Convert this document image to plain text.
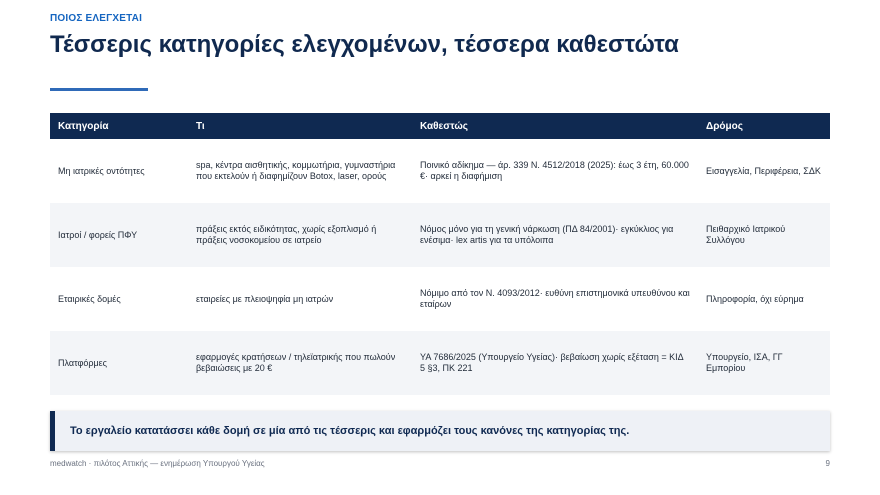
ΠΟΙΟΣ ΕΛΕΓΧΕΤΑΙ
Τέσσερις κατηγορίες ελεγχομένων, τέσσερα καθεστώτα
Κατηγορία	Τι	Καθεστώς	Δρόμος
Μη ιατρικές οντότητες	spa, κέντρα αισθητικής, κομμωτήρια, γυμναστήρια που εκτελούν ή διαφημίζουν Botox, laser, ορούς	Ποινικό αδίκημα — άρ. 339 Ν. 4512/2018 (2025): έως 3 έτη, 60.000 €· αρκεί η διαφήμιση	Εισαγγελία, Περιφέρεια, ΣΔΚ
Ιατροί / φορείς ΠΦΥ	πράξεις εκτός ειδικότητας, χωρίς εξοπλισμό ή πράξεις νοσοκομείου σε ιατρείο	Νόμος μόνο για τη γενική νάρκωση (ΠΔ 84/2001)· εγκύκλιος για ενέσιμα· lex artis για τα υπόλοιπα	Πειθαρχικό Ιατρικού Συλλόγου
Εταιρικές δομές	εταιρείες με πλειοψηφία μη ιατρών	Νόμιμο από τον Ν. 4093/2012· ευθύνη επιστημονικά υπευθύνου και εταίρων	Πληροφορία, όχι εύρημα
Πλατφόρμες	εφαρμογές κρατήσεων / τηλεϊατρικής που πωλούν βεβαιώσεις με 20 €	ΥΑ 7686/2025 (Υπουργείο Υγείας)· βεβαίωση χωρίς εξέταση = ΚΙΔ 5 §3, ΠΚ 221	Υπουργείο, ΙΣΑ, ΓΓ Εμπορίου
Το εργαλείο κατατάσσει κάθε δομή σε μία από τις τέσσερις και εφαρμόζει τους κανόνες της κατηγορίας της.
medwatch · πιλότος Αττικής — ενημέρωση Υπουργού Υγείας	9
